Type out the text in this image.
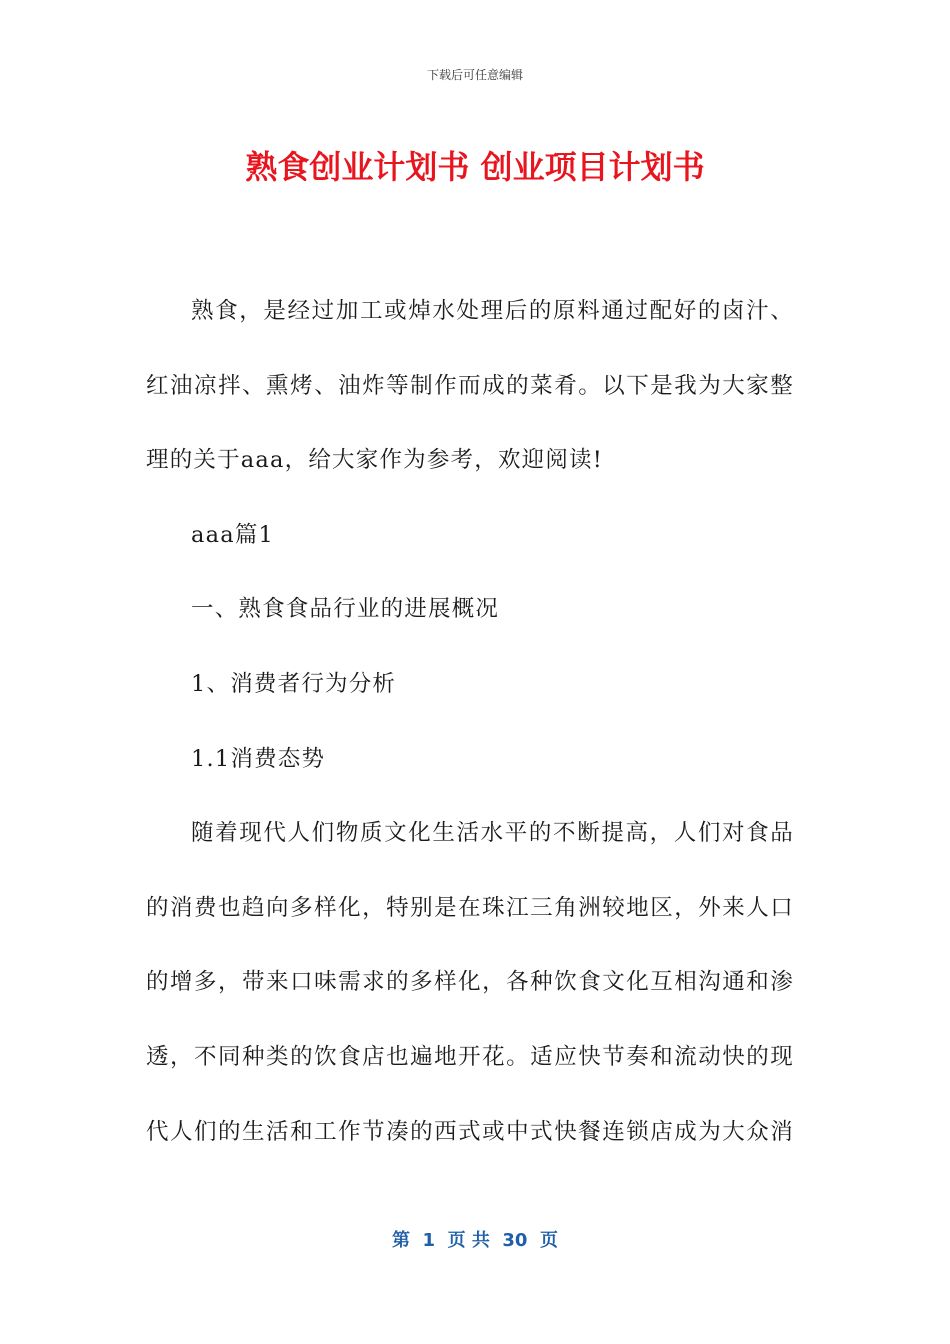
下载后可任意编辑
熟食创业计划书 创业项目计划书

熟食，是经过加工或焯水处理后的原料通过配好的卤汁、红油凉拌、熏烤、油炸等制作而成的菜肴。以下是我为大家整理的关于aaa，给大家作为参考，欢迎阅读!

aaa篇1

一、熟食食品行业的进展概况

1、消费者行为分析

1.1消费态势

随着现代人们物质文化生活水平的不断提高，人们对食品的消费也趋向多样化，特别是在珠江三角洲较地区，外来人口的增多，带来口味需求的多样化，各种饮食文化互相沟通和渗透，不同种类的饮食店也遍地开花。适应快节奏和流动快的现代人们的生活和工作节凑的西式或中式快餐连锁店成为大众消

第  1  页 共  30  页
